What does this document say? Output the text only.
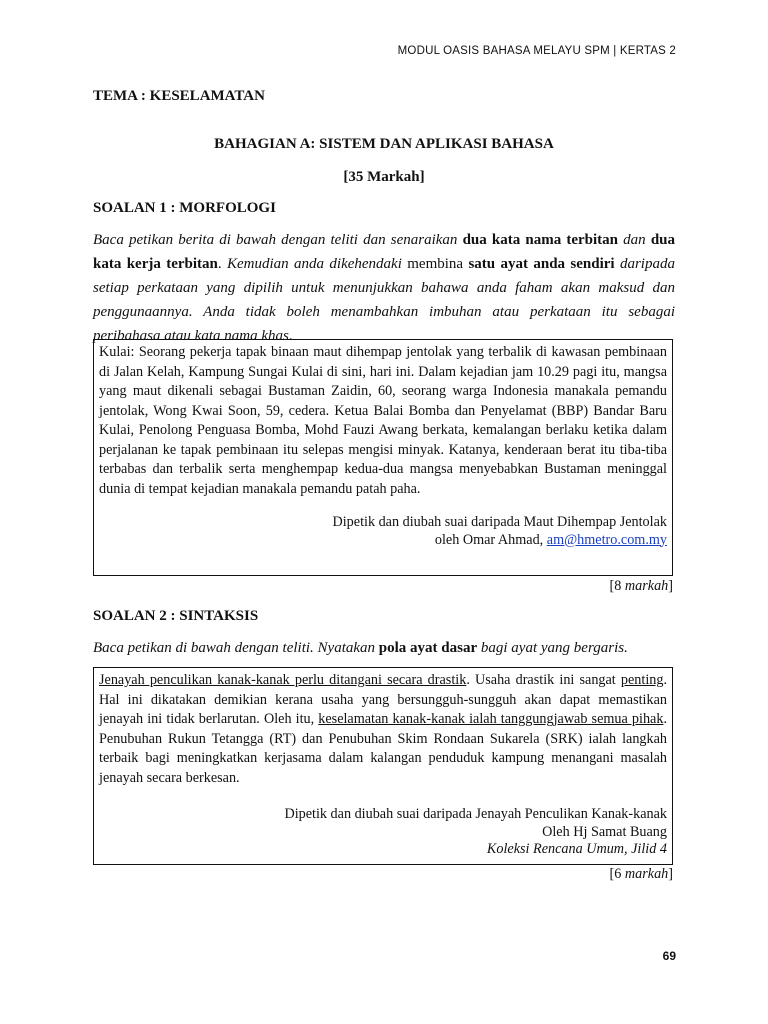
MODUL OASIS BAHASA MELAYU SPM | KERTAS 2
TEMA : KESELAMATAN
BAHAGIAN A: SISTEM DAN APLIKASI BAHASA
[35 Markah]
SOALAN 1 : MORFOLOGI
Baca petikan berita di bawah dengan teliti dan senaraikan dua kata nama terbitan dan dua kata kerja terbitan. Kemudian anda dikehendaki membina satu ayat anda sendiri daripada setiap perkataan yang dipilih untuk menunjukkan bahawa anda faham akan maksud dan penggunaannya. Anda tidak boleh menambahkan imbuhan atau perkataan itu sebagai peribahasa atau kata nama khas.

Kulai: Seorang pekerja tapak binaan maut dihempap jentolak yang terbalik di kawasan pembinaan di Jalan Kelah, Kampung Sungai Kulai di sini, hari ini. Dalam kejadian jam 10.29 pagi itu, mangsa yang maut dikenali sebagai Bustaman Zaidin, 60, seorang warga Indonesia manakala pemandu jentolak, Wong Kwai Soon, 59, cedera. Ketua Balai Bomba dan Penyelamat (BBP) Bandar Baru Kulai, Penolong Penguasa Bomba, Mohd Fauzi Awang berkata, kemalangan berlaku ketika dalam perjalanan ke tapak pembinaan itu selepas mengisi minyak. Katanya, kenderaan berat itu tiba-tiba terbabas dan terbalik serta menghempap kedua-dua mangsa menyebabkan Bustaman meninggal dunia di tempat kejadian manakala pemandu patah paha.

Dipetik dan diubah suai daripada Maut Dihempap Jentolak
oleh Omar Ahmad, am@hmetro.com.my
[8 markah]
SOALAN 2 : SINTAKSIS
Baca petikan di bawah dengan teliti. Nyatakan pola ayat dasar bagi ayat yang bergaris.

Jenayah penculikan kanak-kanak perlu ditangani secara drastik. Usaha drastik ini sangat penting. Hal ini dikatakan demikian kerana usaha yang bersungguh-sungguh akan dapat memastikan jenayah ini tidak berlarutan. Oleh itu, keselamatan kanak-kanak ialah tanggungjawab semua pihak. Penubuhan Rukun Tetangga (RT) dan Penubuhan Skim Rondaan Sukarela (SRK) ialah langkah terbaik bagi meningkatkan kerjasama dalam kalangan penduduk kampung menangani masalah jenayah secara berkesan.

Dipetik dan diubah suai daripada Jenayah Penculikan Kanak-kanak
Oleh Hj Samat Buang
Koleksi Rencana Umum, Jilid 4
[6 markah]
69
